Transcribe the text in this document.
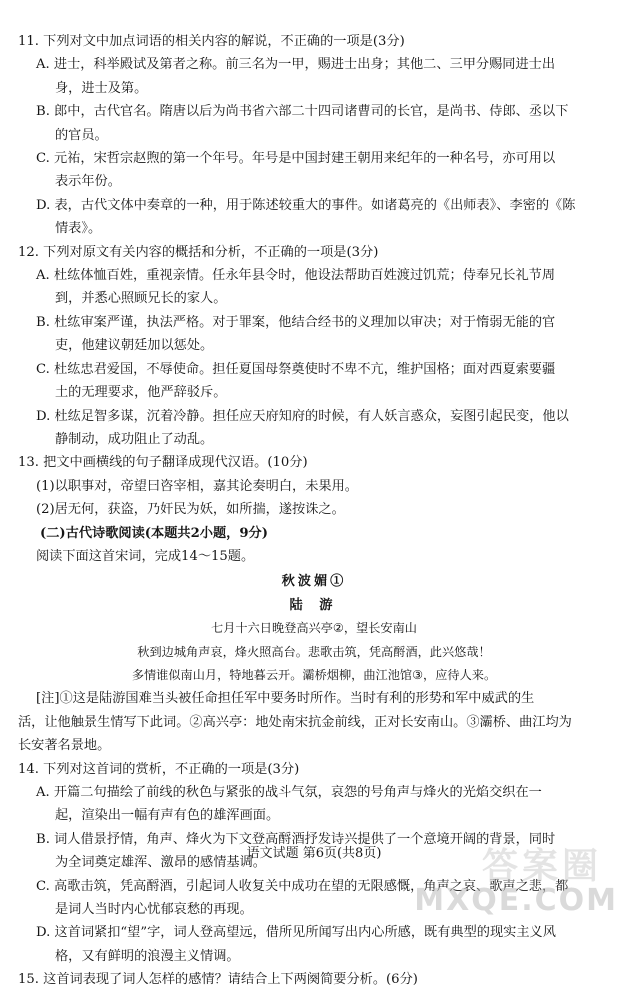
11. 下列对文中加点词语的相关内容的解说，不正确的一项是(3分)
A. 进士，科举殿试及第者之称。前三名为一甲，赐进士出身；其他二、三甲分赐同进士出
身，进士及第。
B. 郎中，古代官名。隋唐以后为尚书省六部二十四司诸曹司的长官，是尚书、侍郎、丞以下
的官员。
C. 元祐，宋哲宗赵煦的第一个年号。年号是中国封建王朝用来纪年的一种名号，亦可用以
表示年份。
D. 表，古代文体中奏章的一种，用于陈述较重大的事件。如诸葛亮的《出师表》、李密的《陈
情表》。
12. 下列对原文有关内容的概括和分析，不正确的一项是(3分)
A. 杜纮体恤百姓，重视亲情。任永年县令时，他设法帮助百姓渡过饥荒；侍奉兄长礼节周
到，并悉心照顾兄长的家人。
B. 杜纮审案严谨，执法严格。对于罪案，他结合经书的义理加以审决；对于惰弱无能的官
吏，他建议朝廷加以惩处。
C. 杜纮忠君爱国，不辱使命。担任夏国母祭奠使时不卑不亢，维护国格；面对西夏索要疆
土的无理要求，他严辞驳斥。
D. 杜纮足智多谋，沉着冷静。担任应天府知府的时候，有人妖言惑众，妄图引起民变，他以
静制动，成功阻止了动乱。
13. 把文中画横线的句子翻译成现代汉语。(10分)
(1)以职事对，帝望曰咨宰相，嘉其论奏明白，未果用。
(2)居无何，获盗，乃奸民为妖，如所揣，遂按诛之。
(二)古代诗歌阅读(本题共2小题，9分)
阅读下面这首宋词，完成14～15题。
秋波媚①
陆 游
七月十六日晚登高兴亭②，望长安南山
秋到边城角声哀，烽火照高台。悲歌击筑，凭高酹酒，此兴悠哉！
多情谁似南山月，特地暮云开。灞桥烟柳，曲江池馆③，应待人来。
[注]①这是陆游国难当头被任命担任军中要务时所作。当时有利的形势和军中威武的生
活，让他触景生情写下此词。②高兴亭：地处南宋抗金前线，正对长安南山。③灞桥、曲江均为
长安著名景地。
14. 下列对这首词的赏析，不正确的一项是(3分)
A. 开篇二句描绘了前线的秋色与紧张的战斗气氛，哀怨的号角声与烽火的光焰交织在一
起，渲染出一幅有声有色的雄浑画面。
B. 词人借景抒情，角声、烽火为下文登高酹酒抒发诗兴提供了一个意境开阔的背景，同时
为全词奠定雄浑、激昂的感情基调。
C. 高歌击筑，凭高酹酒，引起词人收复关中成功在望的无限感慨，角声之哀、歌声之悲，都
是词人当时内心忧郁哀愁的再现。
D. 这首词紧扣“望”字，词人登高望远，借所见所闻写出内心所感，既有典型的现实主义风
格，又有鲜明的浪漫主义情调。
15. 这首词表现了词人怎样的感情？请结合上下两阕简要分析。(6分)
语文试题 第6页(共8页)	答案圈
MXQE.COM
